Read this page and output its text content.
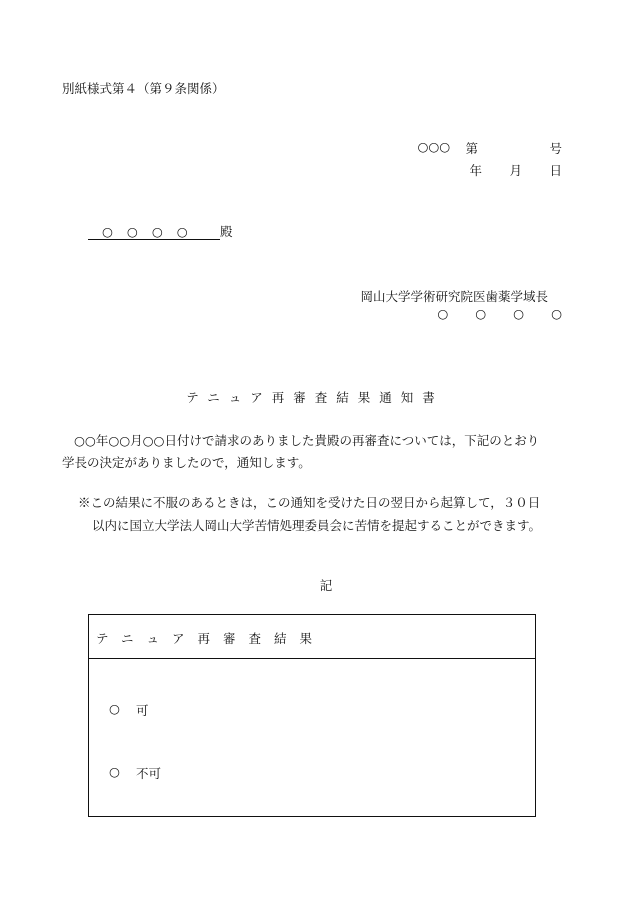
別紙様式第４（第９条関係）
○○○	第	号
年	月	日
○○○○	殿
岡山大学学術研究院医歯薬学域長
○○○○
テニュア再審査結果通知書
○○年○○月○○日付けで請求のありました貴殿の再審査については，下記のとおり学長の決定がありましたので，通知します。
※この結果に不服のあるときは，この通知を受けた日の翌日から起算して，３０日以内に国立大学法人岡山大学苦情処理委員会に苦情を提起することができます。
記
テニュア再審査結果
○	可
○	不可
